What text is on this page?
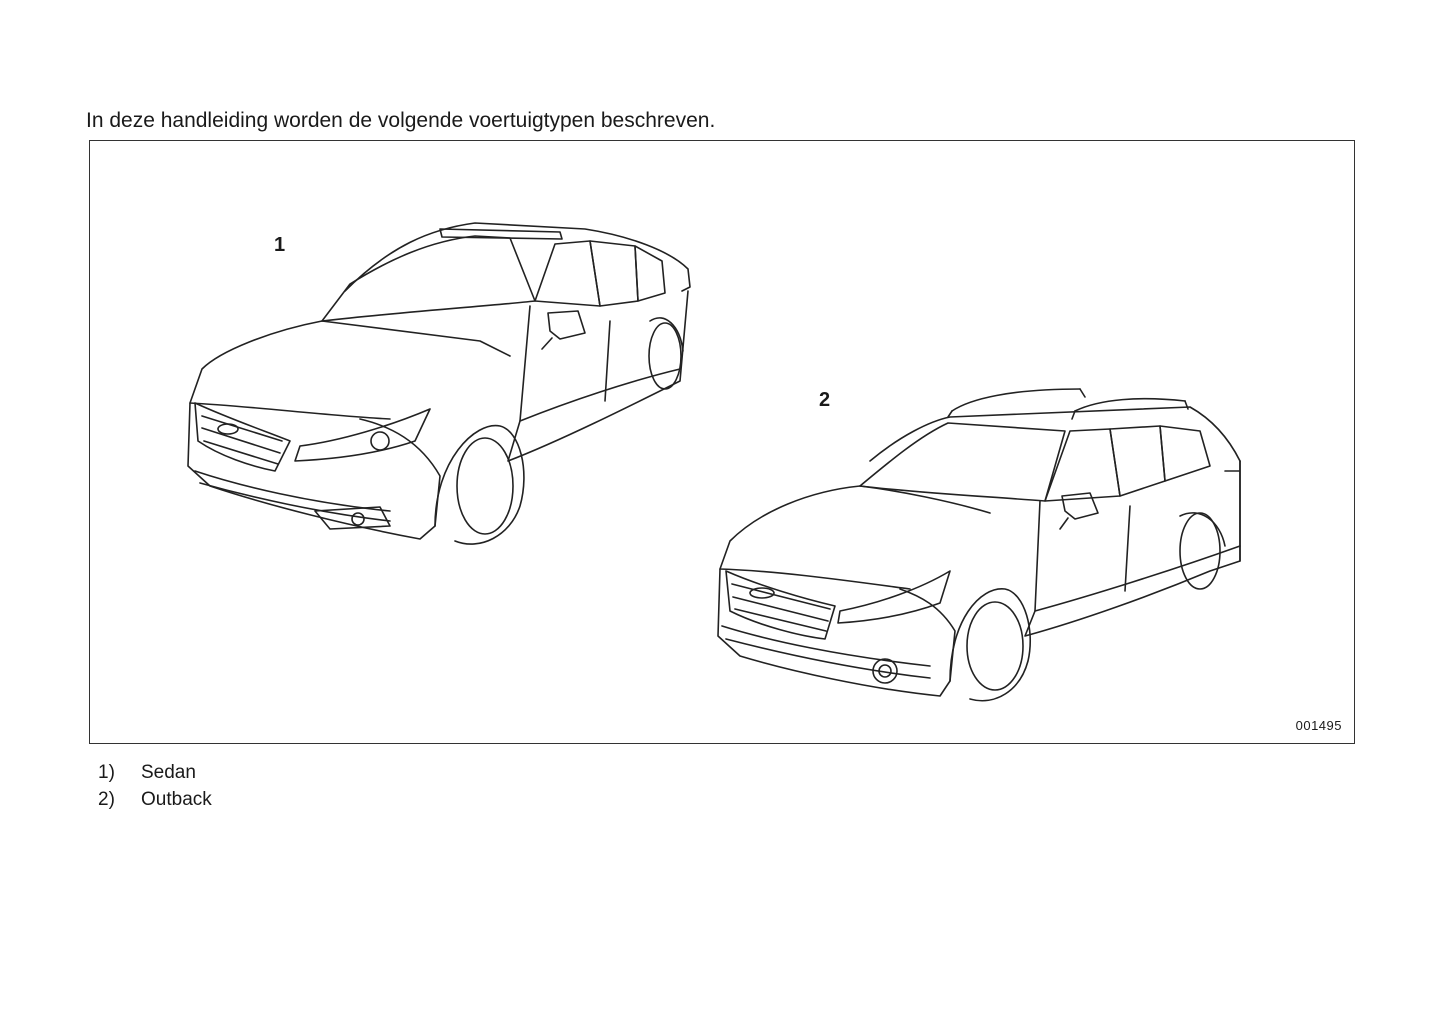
In deze handleiding worden de volgende voertuigtypen beschreven.
1
2
001495
1)	Sedan
2)	Outback
